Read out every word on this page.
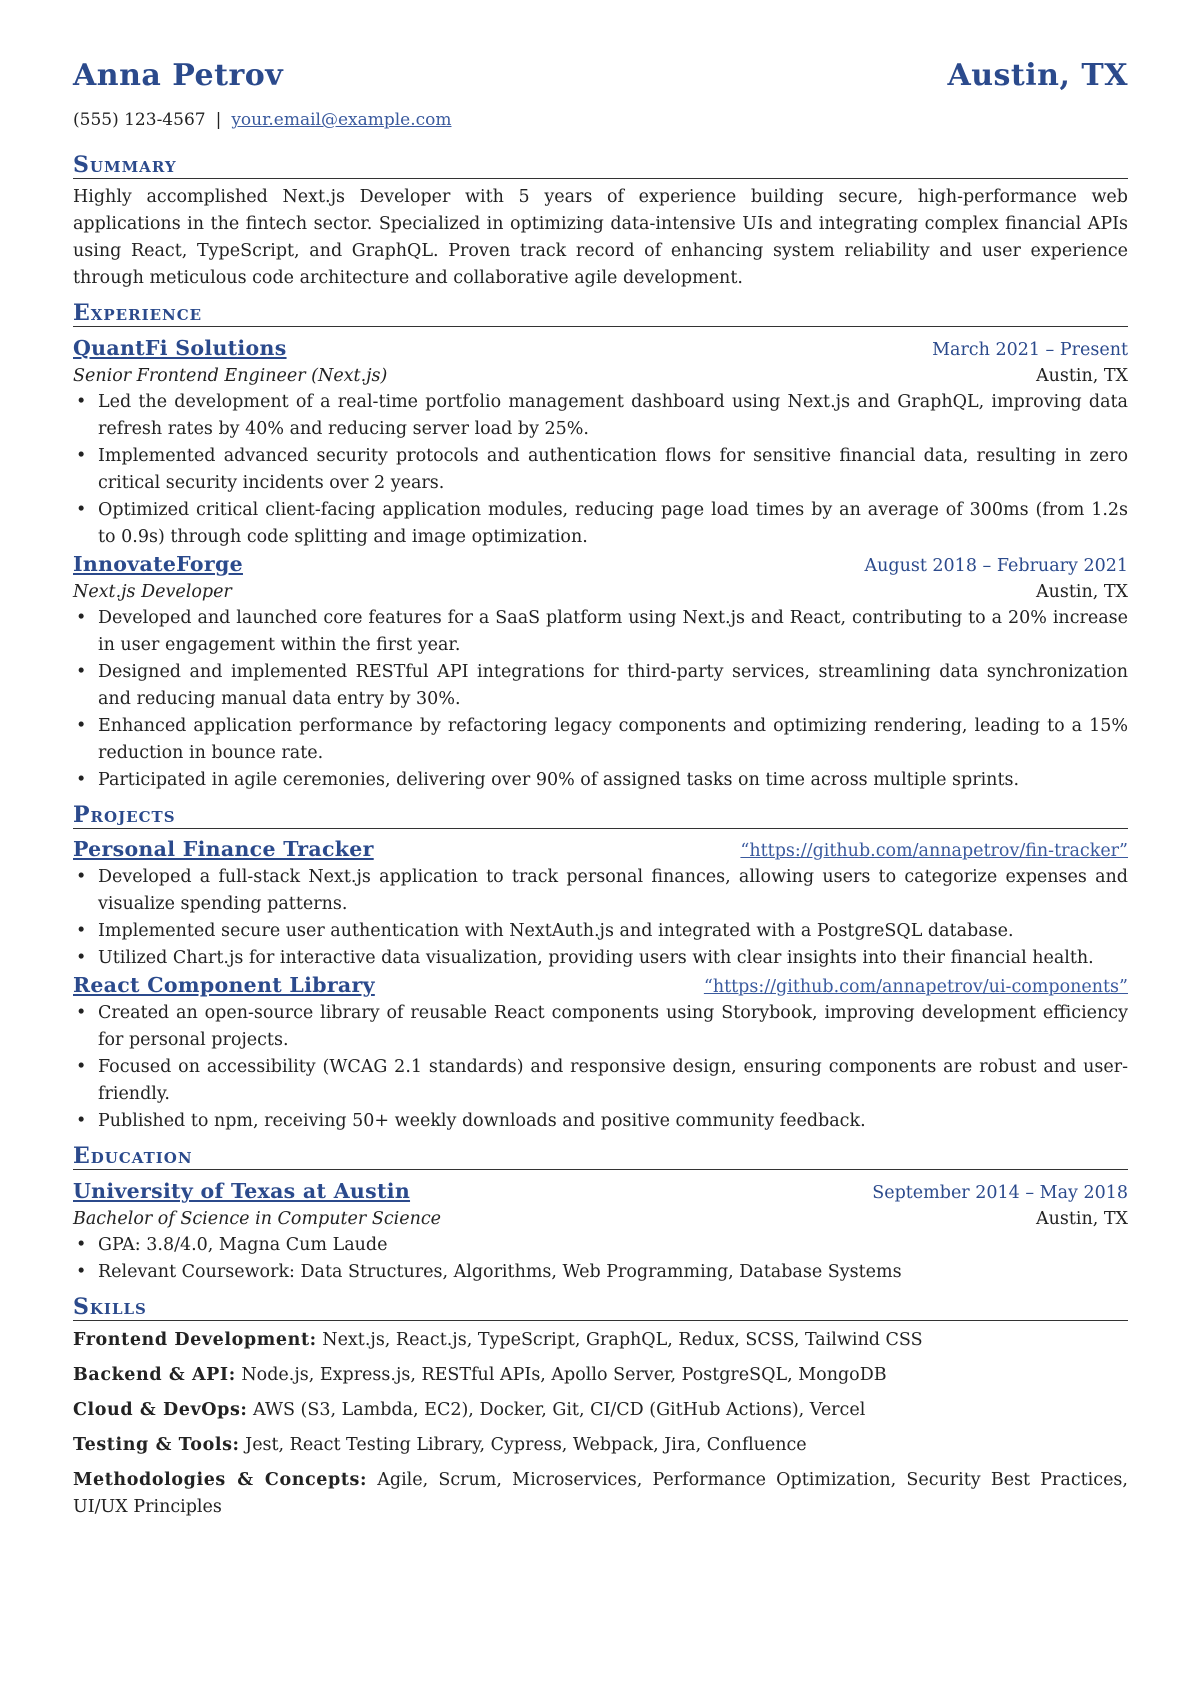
Anna Petrov	Austin, TX
(555) 123-4567 | your.email@example.com
Summary
Highly accomplished Next.js Developer with 5 years of experience building secure, high-performance web applications in the fintech sector. Specialized in optimizing data-intensive UIs and integrating complex financial APIs using React, TypeScript, and GraphQL. Proven track record of enhancing system reliability and user experience through meticulous code architecture and collaborative agile development.
Experience
QuantFi Solutions	March 2021 – Present
Senior Frontend Engineer (Next.js)	Austin, TX
• Led the development of a real-time portfolio management dashboard using Next.js and GraphQL, improving data refresh rates by 40% and reducing server load by 25%.
• Implemented advanced security protocols and authentication flows for sensitive financial data, resulting in zero critical security incidents over 2 years.
• Optimized critical client-facing application modules, reducing page load times by an average of 300ms (from 1.2s to 0.9s) through code splitting and image optimization.
InnovateForge	August 2018 – February 2021
Next.js Developer	Austin, TX
• Developed and launched core features for a SaaS platform using Next.js and React, contributing to a 20% increase in user engagement within the first year.
• Designed and implemented RESTful API integrations for third-party services, streamlining data synchronization and reducing manual data entry by 30%.
• Enhanced application performance by refactoring legacy components and optimizing rendering, leading to a 15% reduction in bounce rate.
• Participated in agile ceremonies, delivering over 90% of assigned tasks on time across multiple sprints.
Projects
Personal Finance Tracker	“https://github.com/annapetrov/fin-tracker”
• Developed a full-stack Next.js application to track personal finances, allowing users to categorize expenses and visualize spending patterns.
• Implemented secure user authentication with NextAuth.js and integrated with a PostgreSQL database.
• Utilized Chart.js for interactive data visualization, providing users with clear insights into their financial health.
React Component Library	“https://github.com/annapetrov/ui-components”
• Created an open-source library of reusable React components using Storybook, improving development efficiency for personal projects.
• Focused on accessibility (WCAG 2.1 standards) and responsive design, ensuring components are robust and user-friendly.
• Published to npm, receiving 50+ weekly downloads and positive community feedback.
Education
University of Texas at Austin	September 2014 – May 2018
Bachelor of Science in Computer Science	Austin, TX
• GPA: 3.8/4.0, Magna Cum Laude
• Relevant Coursework: Data Structures, Algorithms, Web Programming, Database Systems
Skills
Frontend Development: Next.js, React.js, TypeScript, GraphQL, Redux, SCSS, Tailwind CSS
Backend & API: Node.js, Express.js, RESTful APIs, Apollo Server, PostgreSQL, MongoDB
Cloud & DevOps: AWS (S3, Lambda, EC2), Docker, Git, CI/CD (GitHub Actions), Vercel
Testing & Tools: Jest, React Testing Library, Cypress, Webpack, Jira, Confluence
Methodologies & Concepts: Agile, Scrum, Microservices, Performance Optimization, Security Best Practices, UI/UX Principles
